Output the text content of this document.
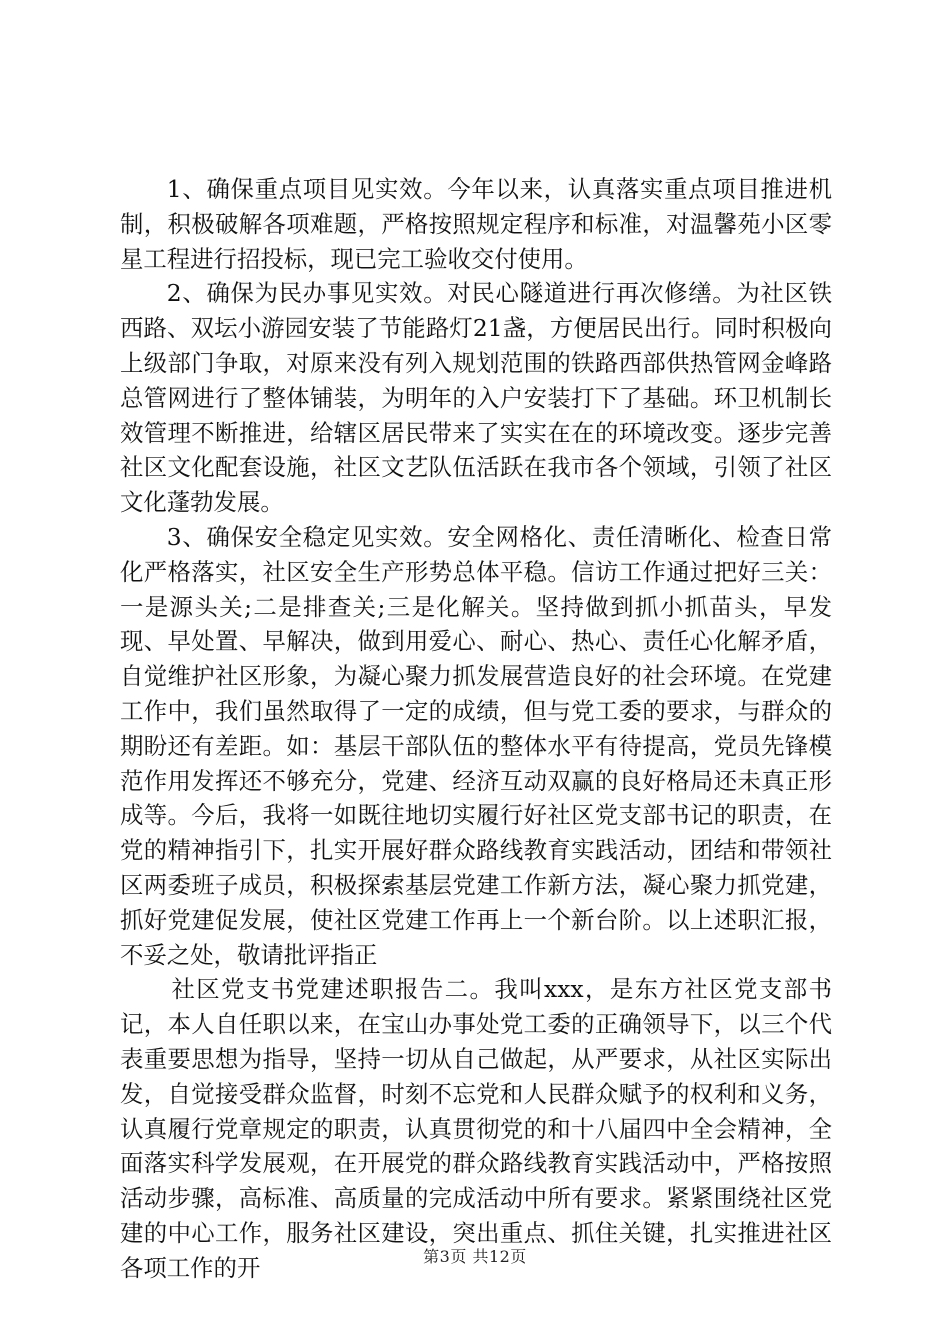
1、确保重点项目见实效。今年以来，认真落实重点项目推进机制，积极破解各项难题，严格按照规定程序和标准，对温馨苑小区零星工程进行招投标，现已完工验收交付使用。

2、确保为民办事见实效。对民心隧道进行再次修缮。为社区铁西路、双坛小游园安装了节能路灯21盏，方便居民出行。同时积极向上级部门争取，对原来没有列入规划范围的铁路西部供热管网金峰路总管网进行了整体铺装，为明年的入户安装打下了基础。环卫机制长效管理不断推进，给辖区居民带来了实实在在的环境改变。逐步完善社区文化配套设施，社区文艺队伍活跃在我市各个领域，引领了社区文化蓬勃发展。

3、确保安全稳定见实效。安全网格化、责任清晰化、检查日常化严格落实，社区安全生产形势总体平稳。信访工作通过把好三关：一是源头关;二是排查关;三是化解关。坚持做到抓小抓苗头，早发现、早处置、早解决，做到用爱心、耐心、热心、责任心化解矛盾，自觉维护社区形象，为凝心聚力抓发展营造良好的社会环境。在党建工作中，我们虽然取得了一定的成绩，但与党工委的要求，与群众的期盼还有差距。如：基层干部队伍的整体水平有待提高，党员先锋模范作用发挥还不够充分，党建、经济互动双赢的良好格局还未真正形成等。今后，我将一如既往地切实履行好社区党支部书记的职责，在党的精神指引下，扎实开展好群众路线教育实践活动，团结和带领社区两委班子成员，积极探索基层党建工作新方法，凝心聚力抓党建，抓好党建促发展，使社区党建工作再上一个新台阶。以上述职汇报，不妥之处，敬请批评指正

社区党支书党建述职报告二。我叫xxx，是东方社区党支部书记，本人自任职以来，在宝山办事处党工委的正确领导下，以三个代表重要思想为指导，坚持一切从自己做起，从严要求，从社区实际出发，自觉接受群众监督，时刻不忘党和人民群众赋予的权利和义务，认真履行党章规定的职责，认真贯彻党的和十八届四中全会精神，全面落实科学发展观，在开展党的群众路线教育实践活动中，严格按照活动步骤，高标准、高质量的完成活动中所有要求。紧紧围绕社区党建的中心工作，服务社区建设，突出重点、抓住关键，扎实推进社区各项工作的开	第3页 共12页
